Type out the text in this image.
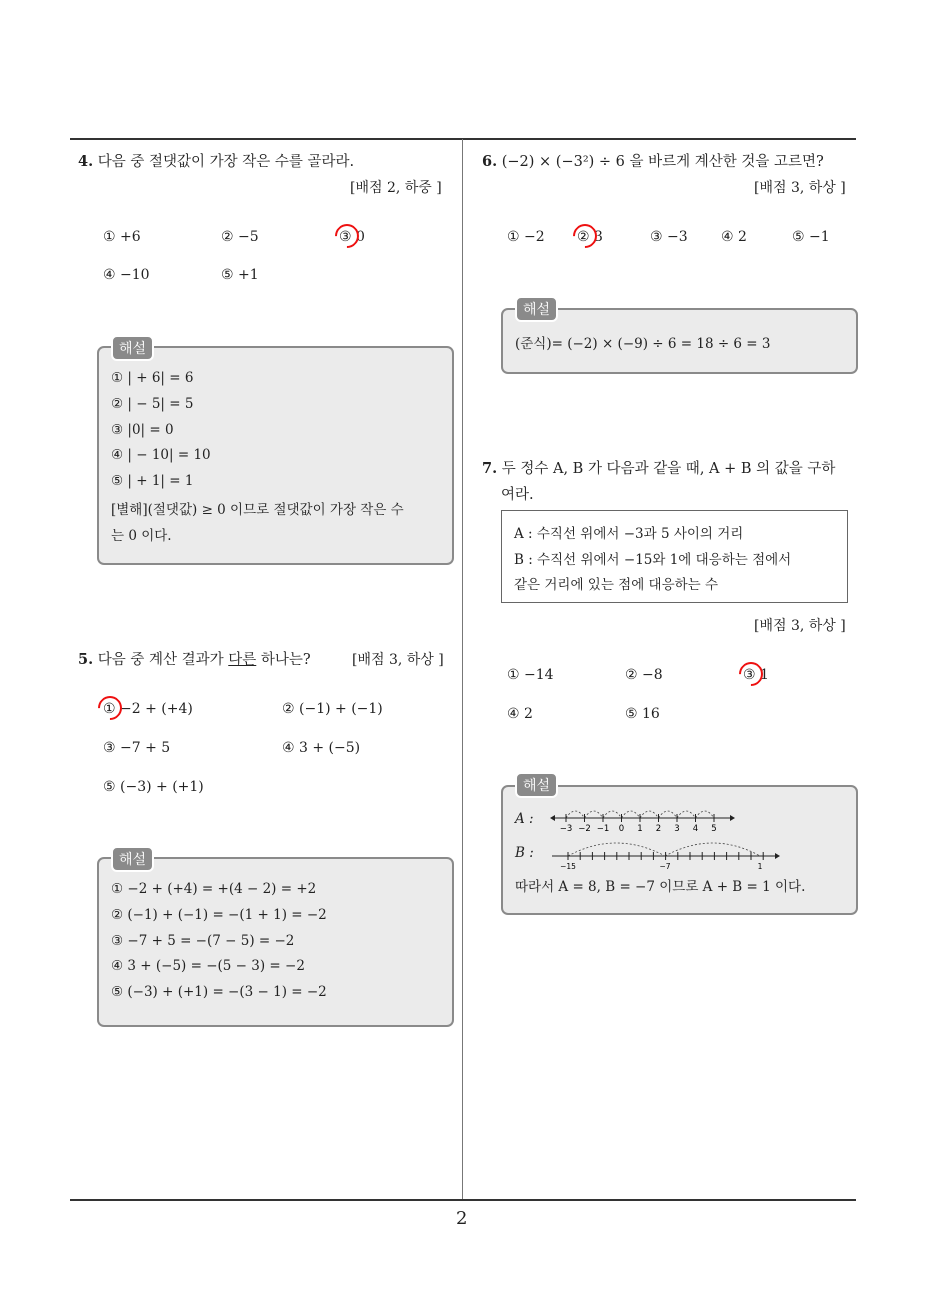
2
4. 다음 중 절댓값이 가장 작은 수를 골라라.
[배점 2, 하중 ]
① +6	② −5	③ 0
④ −10	⑤ +1
해설
① | + 6| = 6
② | − 5| = 5
③ |0| = 0
④ | − 10| = 10
⑤ | + 1| = 1
[별해](절댓값) ≥ 0 이므로 절댓값이 가장 작은 수
는 0 이다.
5. 다음 중 계산 결과가 다른 하나는?	[배점 3, 하상 ]
① −2 + (+4)	② (−1) + (−1)
③ −7 + 5	④ 3 + (−5)
⑤ (−3) + (+1)
해설
① −2 + (+4) = +(4 − 2) = +2
② (−1) + (−1) = −(1 + 1) = −2
③ −7 + 5 = −(7 − 5) = −2
④ 3 + (−5) = −(5 − 3) = −2
⑤ (−3) + (+1) = −(3 − 1) = −2
6. (−2) × (−3²) ÷ 6 을 바르게 계산한 것을 고르면?
[배점 3, 하상 ]
① −2 ② 3	③ −3 ④ 2	⑤ −1
해설
(준식)= (−2) × (−9) ÷ 6 = 18 ÷ 6 = 3
7. 두 정수 A, B 가 다음과 같을 때, A + B 의 값을 구하
여라.
A : 수직선 위에서 −3과 5 사이의 거리
B : 수직선 위에서 −15와 1에 대응하는 점에서
같은 거리에 있는 점에 대응하는 수
[배점 3, 하상 ]
① −14	② −8	③ 1
④ 2	⑤ 16
해설
A :
B :
−3 −2 −1 0 1 2 3 4 5
−15	−7	1
따라서 A = 8, B = −7 이므로 A + B = 1 이다.
